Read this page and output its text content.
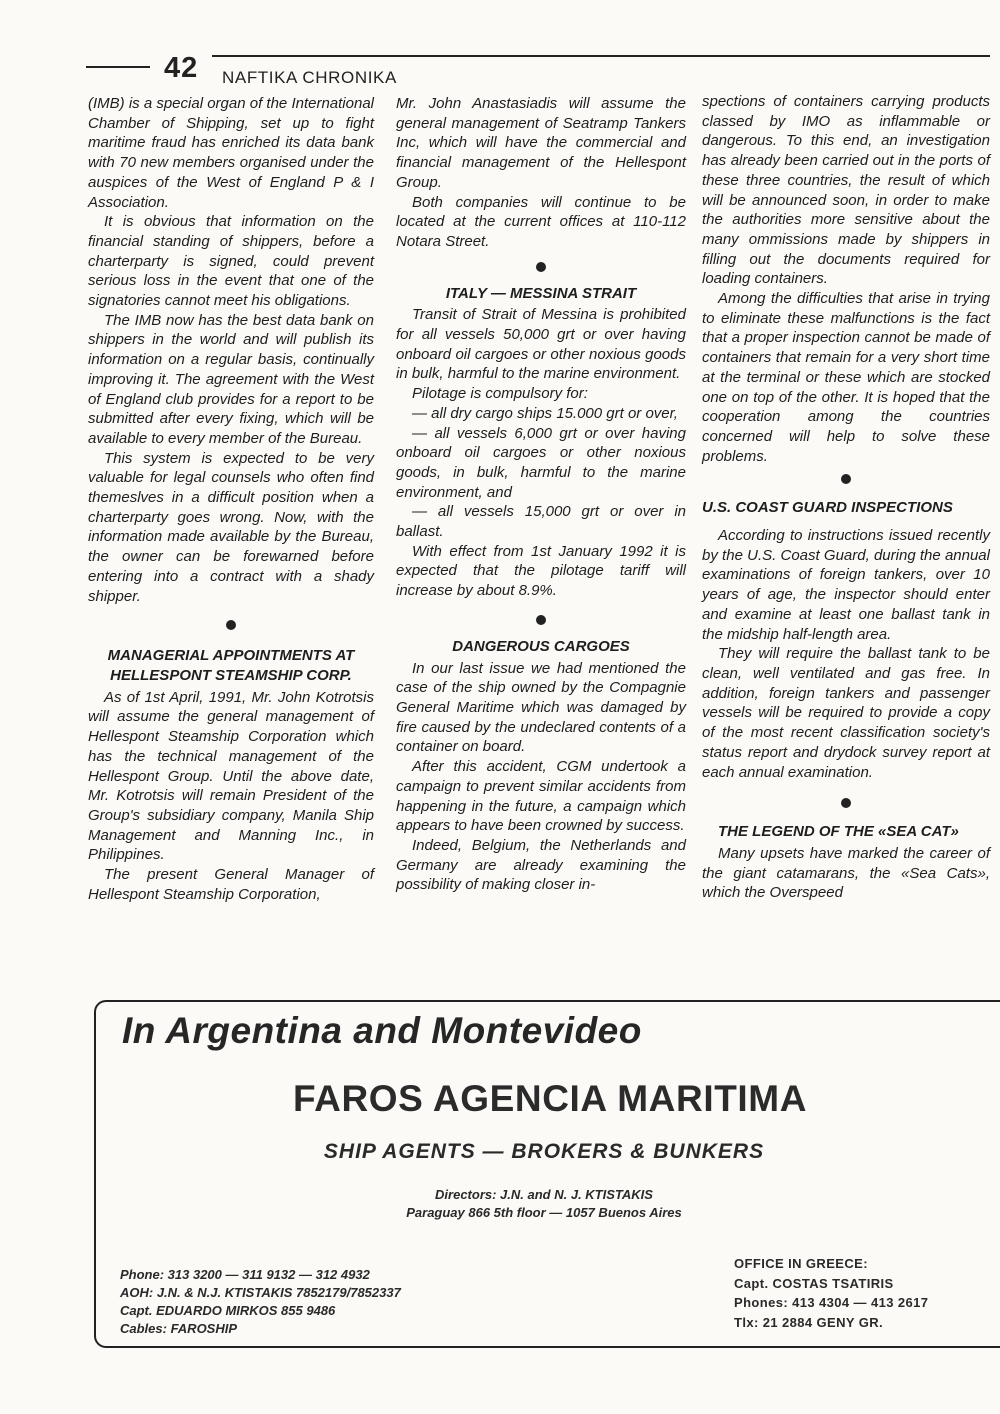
42 NAFTIKA CHRONIKA

(IMB) is a special organ of the International Chamber of Shipping, set up to fight maritime fraud has enriched its data bank with 70 new members organised under the auspices of the West of England P & I Association.

It is obvious that information on the financial standing of shippers, before a charterparty is signed, could prevent serious loss in the event that one of the signatories cannot meet his obligations.

The IMB now has the best data bank on shippers in the world and will publish its information on a regular basis, continually improving it. The agreement with the West of England club provides for a report to be submitted after every fixing, which will be available to every member of the Bureau.

This system is expected to be very valuable for legal counsels who often find themeslves in a difficult position when a charterparty goes wrong. Now, with the information made available by the Bureau, the owner can be forewarned before entering into a contract with a shady shipper.

MANAGERIAL APPOINTMENTS AT HELLESPONT STEAMSHIP CORP.

As of 1st April, 1991, Mr. John Kotrotsis will assume the general management of Hellespont Steamship Corporation which has the technical management of the Hellespont Group. Until the above date, Mr. Kotrotsis will remain President of the Group's subsidiary company, Manila Ship Management and Manning Inc., in Philippines.

The present General Manager of Hellespont Steamship Corporation,

Mr. John Anastasiadis will assume the general management of Seatramp Tankers Inc, which will have the commercial and financial management of the Hellespont Group.

Both companies will continue to be located at the current offices at 110-112 Notara Street.

ITALY — MESSINA STRAIT

Transit of Strait of Messina is prohibited for all vessels 50,000 grt or over having onboard oil cargoes or other noxious goods in bulk, harmful to the marine environment.

Pilotage is compulsory for:

— all dry cargo ships 15.000 grt or over,

— all vessels 6,000 grt or over having onboard oil cargoes or other noxious goods, in bulk, harmful to the marine environment, and

— all vessels 15,000 grt or over in ballast.

With effect from 1st January 1992 it is expected that the pilotage tariff will increase by about 8.9%.

DANGEROUS CARGOES

In our last issue we had mentioned the case of the ship owned by the Compagnie General Maritime which was damaged by fire caused by the undeclared contents of a container on board.

After this accident, CGM undertook a campaign to prevent similar accidents from happening in the future, a campaign which appears to have been crowned by success.

Indeed, Belgium, the Netherlands and Germany are already examining the possibility of making closer in-

spections of containers carrying products classed by IMO as inflammable or dangerous. To this end, an investigation has already been carried out in the ports of these three countries, the result of which will be announced soon, in order to make the authorities more sensitive about the many ommissions made by shippers in filling out the documents required for loading containers.

Among the difficulties that arise in trying to eliminate these malfunctions is the fact that a proper inspection cannot be made of containers that remain for a very short time at the terminal or these which are stocked one on top of the other. It is hoped that the cooperation among the countries concerned will help to solve these problems.

U.S. COAST GUARD INSPECTIONS

According to instructions issued recently by the U.S. Coast Guard, during the annual examinations of foreign tankers, over 10 years of age, the inspector should enter and examine at least one ballast tank in the midship half-length area.

They will require the ballast tank to be clean, well ventilated and gas free. In addition, foreign tankers and passenger vessels will be required to provide a copy of the most recent classification society's status report and drydock survey report at each annual examination.

THE LEGEND OF THE «SEA CAT»

Many upsets have marked the career of the giant catamarans, the «Sea Cats», which the Overspeed

In Argentina and Montevideo
FAROS AGENCIA MARITIMA
SHIP AGENTS — BROKERS & BUNKERS
Directors: J.N. and N. J. KTISTAKIS
Paraguay 866 5th floor — 1057 Buenos Aires
Phone: 313 3200 — 311 9132 — 312 4932
AOH: J.N. & N.J. KTISTAKIS 7852179/7852337
Capt. EDUARDO MIRKOS 855 9486
Cables: FAROSHIP
OFFICE IN GREECE:
Capt. COSTAS TSATIRIS
Phones: 413 4304 — 413 2617
Tlx: 21 2884 GENY GR.
